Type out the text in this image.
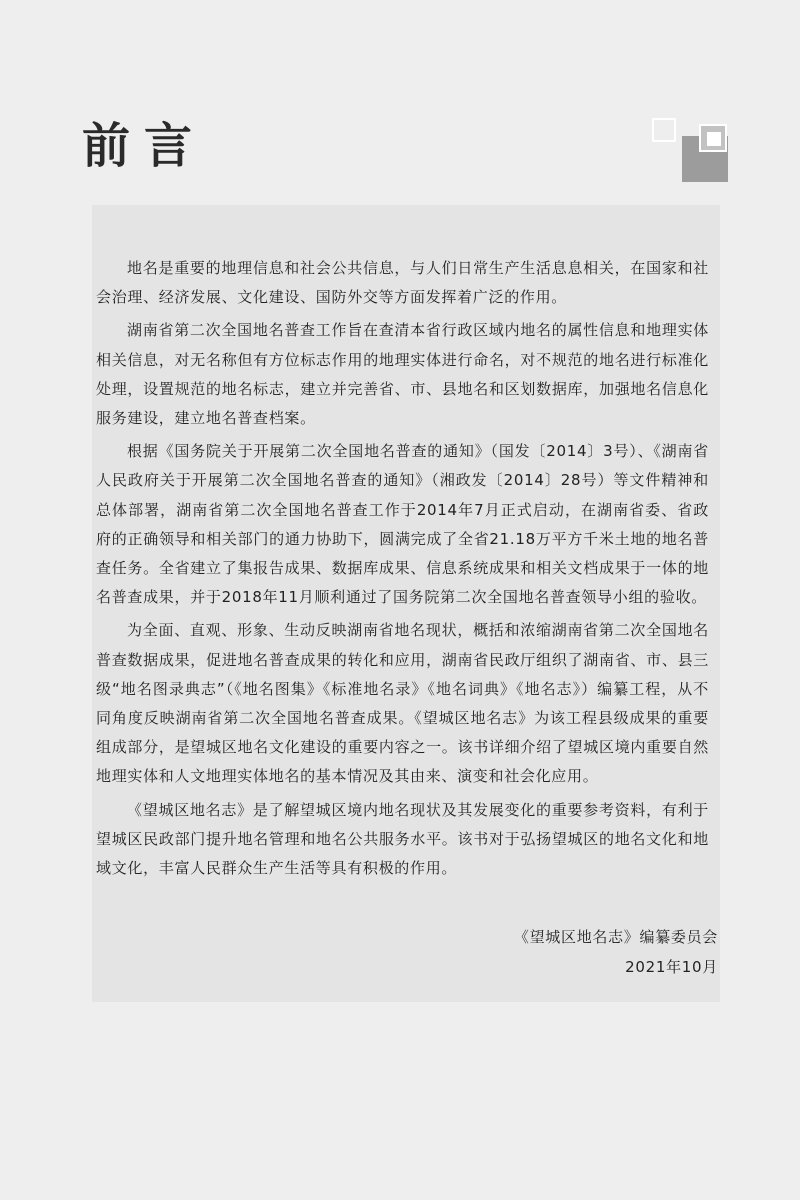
前言

地名是重要的地理信息和社会公共信息，与人们日常生产生活息息相关，在国家和社会治理、经济发展、文化建设、国防外交等方面发挥着广泛的作用。

湖南省第二次全国地名普查工作旨在查清本省行政区域内地名的属性信息和地理实体相关信息，对无名称但有方位标志作用的地理实体进行命名，对不规范的地名进行标准化处理，设置规范的地名标志，建立并完善省、市、县地名和区划数据库，加强地名信息化服务建设，建立地名普查档案。

根据《国务院关于开展第二次全国地名普查的通知》（国发〔2014〕3号）、《湖南省人民政府关于开展第二次全国地名普查的通知》（湘政发〔2014〕28号）等文件精神和总体部署，湖南省第二次全国地名普查工作于2014年7月正式启动，在湖南省委、省政府的正确领导和相关部门的通力协助下，圆满完成了全省21.18万平方千米土地的地名普查任务。全省建立了集报告成果、数据库成果、信息系统成果和相关文档成果于一体的地名普查成果，并于2018年11月顺利通过了国务院第二次全国地名普查领导小组的验收。

为全面、直观、形象、生动反映湖南省地名现状，概括和浓缩湖南省第二次全国地名普查数据成果，促进地名普查成果的转化和应用，湖南省民政厅组织了湖南省、市、县三级“地名图录典志”（《地名图集》《标准地名录》《地名词典》《地名志》）编纂工程，从不同角度反映湖南省第二次全国地名普查成果。《望城区地名志》为该工程县级成果的重要组成部分，是望城区地名文化建设的重要内容之一。该书详细介绍了望城区境内重要自然地理实体和人文地理实体地名的基本情况及其由来、演变和社会化应用。

《望城区地名志》是了解望城区境内地名现状及其发展变化的重要参考资料，有利于望城区民政部门提升地名管理和地名公共服务水平。该书对于弘扬望城区的地名文化和地域文化，丰富人民群众生产生活等具有积极的作用。

《望城区地名志》编纂委员会
2021年10月
